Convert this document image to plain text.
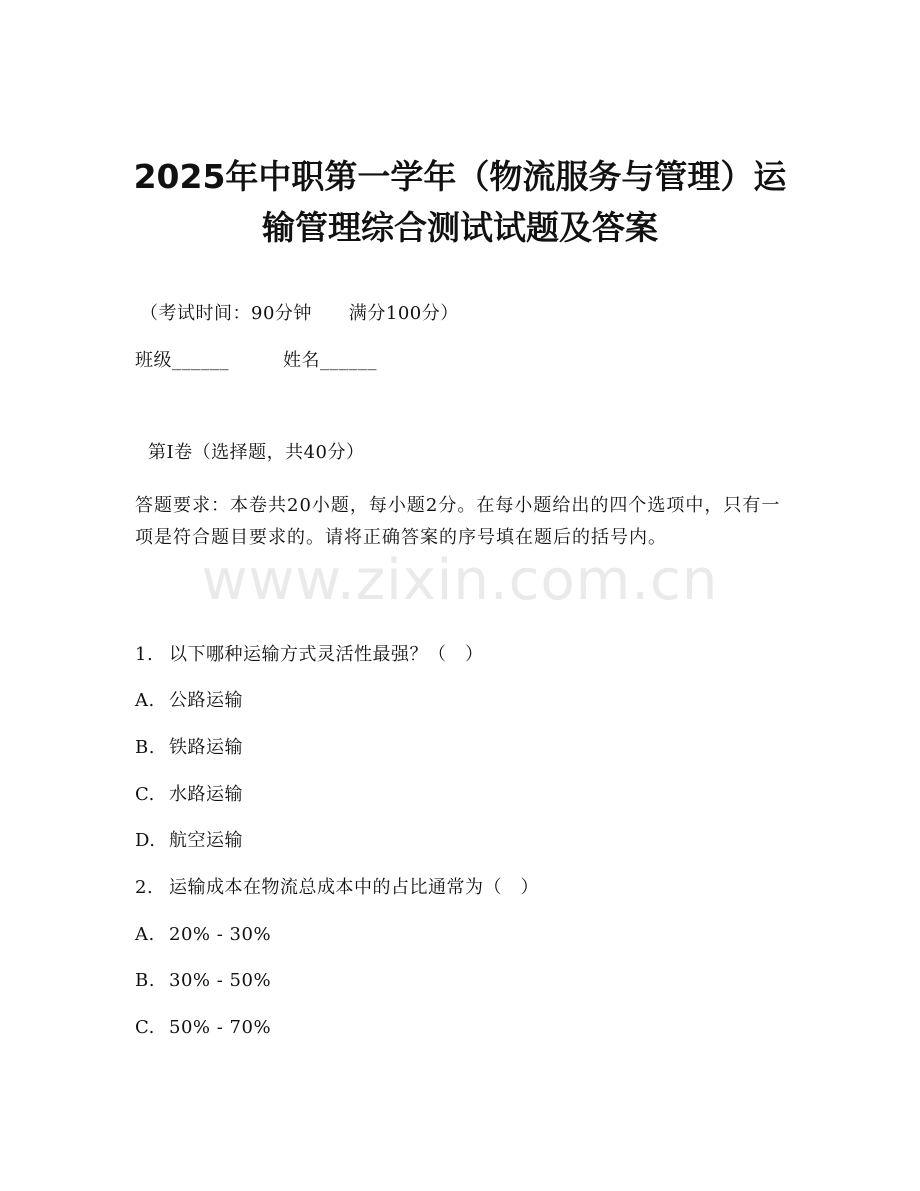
2025年中职第一学年（物流服务与管理）运
输管理综合测试试题及答案
（考试时间：90分钟　　满分100分）
班级______	姓名______
第Ⅰ卷（选择题，共40分）
答题要求：本卷共20小题，每小题2分。在每小题给出的四个选项中，只有一项是符合题目要求的。请将正确答案的序号填在题后的括号内。
www.zixin.com.cn
1. 以下哪种运输方式灵活性最强？（　）
A. 公路运输
B. 铁路运输
C. 水路运输
D. 航空运输
2. 运输成本在物流总成本中的占比通常为（　）
A. 20% - 30%
B. 30% - 50%
C. 50% - 70%
